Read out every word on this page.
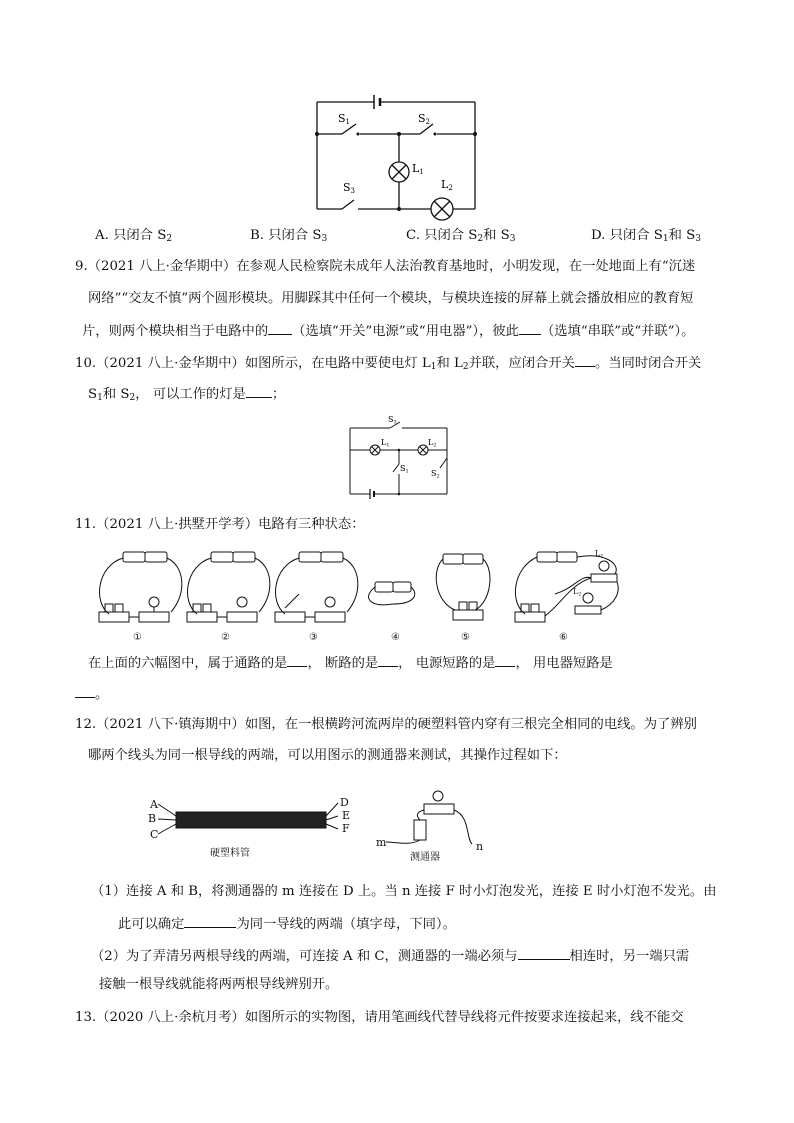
S1	S2
S3
L1
L2
A. 只闭合 $S_2$	B. 只闭合 $S_3$	C. 只闭合 $S_2$和 $S_3$	D. 只闭合 $S_1$和 $S_3$
9.（2021 八上·金华期中）在参观人民检察院未成年人法治教育基地时，小明发现，在一处地面上有“沉迷
网络”“交友不慎”两个圆形模块。用脚踩其中任何一个模块，与模块连接的屏幕上就会播放相应的教育短
片，则两个模块相当于电路中的 （选填“开关”电源”或“用电器”），彼此 （选填“串联”或“并联”）。
10.（2021 八上·金华期中）如图所示，在电路中要使电灯 $L_1$和 $L_2$并联，应闭合开关 。当同时闭合开关
$S_1$和 $S_2$， 可以工作的灯是 ；
S3
L1	L2
S1	S2
11.（2021 八上·拱墅开学考）电路有三种状态：
①	②	③	④	⑤	⑥
L1
L2
在上面的六幅图中，属于通路的是 ， 断路的是 ， 电源短路的是 ， 用电器短路是
。
12.（2021 八下·镇海期中）如图，在一根横跨河流两岸的硬塑料管内穿有三根完全相同的电线。为了辨别
哪两个线头为同一根导线的两端，可以用图示的测通器来测试，其操作过程如下：
A
B
C
D
E
F
硬塑料管
m	n
测通器
（1）连接 A 和 B，将测通器的 m 连接在 D 上。当 n 连接 F 时小灯泡发光，连接 E 时小灯泡不发光。由
此可以确定	为同一导线的两端（填字母，下同）。
（2）为了弄清另两根导线的两端，可连接 A 和 C，测通器的一端必须与	相连时，另一端只需
接触一根导线就能将两两根导线辨别开。
13.（2020 八上·余杭月考）如图所示的实物图，请用笔画线代替导线将元件按要求连接起来，线不能交
